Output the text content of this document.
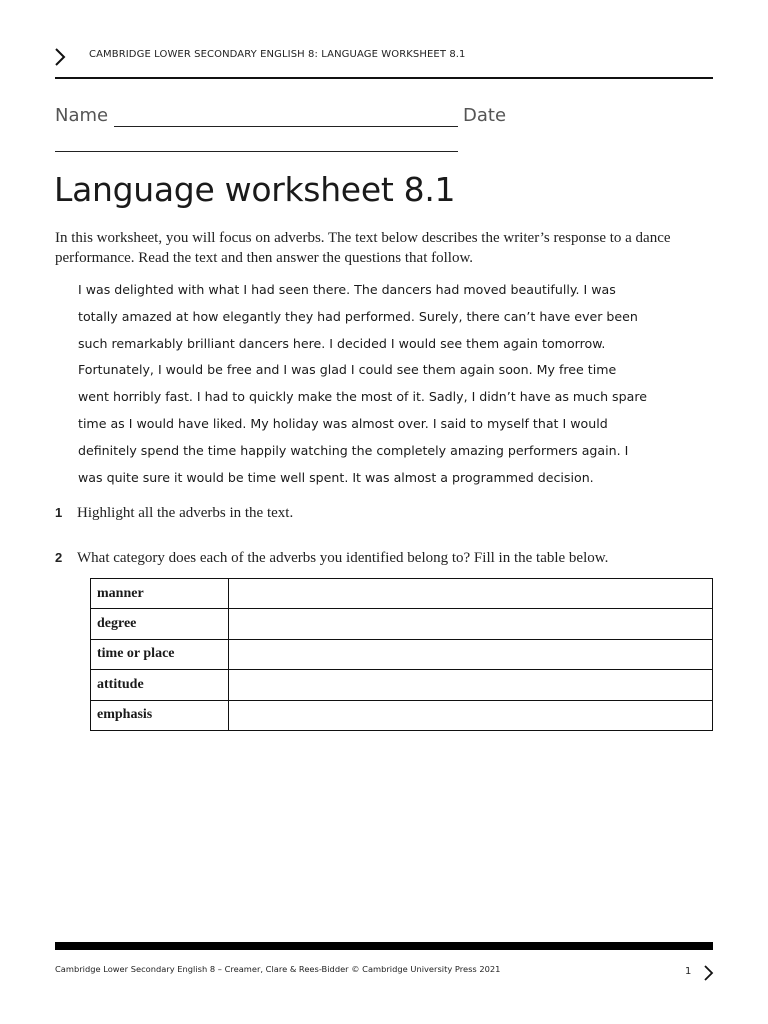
CAMBRIDGE LOWER SECONDARY ENGLISH 8: LANGUAGE WORKSHEET 8.1
Name	Date
Language worksheet 8.1

In this worksheet, you will focus on adverbs. The text below describes the writer’s response to a dance performance. Read the text and then answer the questions that follow.

I was delighted with what I had seen there. The dancers had moved beautifully. I was
totally amazed at how elegantly they had performed. Surely, there can’t have ever been
such remarkably brilliant dancers here. I decided I would see them again tomorrow.
Fortunately, I would be free and I was glad I could see them again soon. My free time
went horribly fast. I had to quickly make the most of it. Sadly, I didn’t have as much spare
time as I would have liked. My holiday was almost over. I said to myself that I would
definitely spend the time happily watching the completely amazing performers again. I
was quite sure it would be time well spent. It was almost a programmed decision.
1 Highlight all the adverbs in the text.
2 What category does each of the adverbs you identified belong to? Fill in the table below.
manner	
degree	
time or place	
attitude	
emphasis	
Cambridge Lower Secondary English 8 – Creamer, Clare & Rees-Bidder © Cambridge University Press 2021	1
